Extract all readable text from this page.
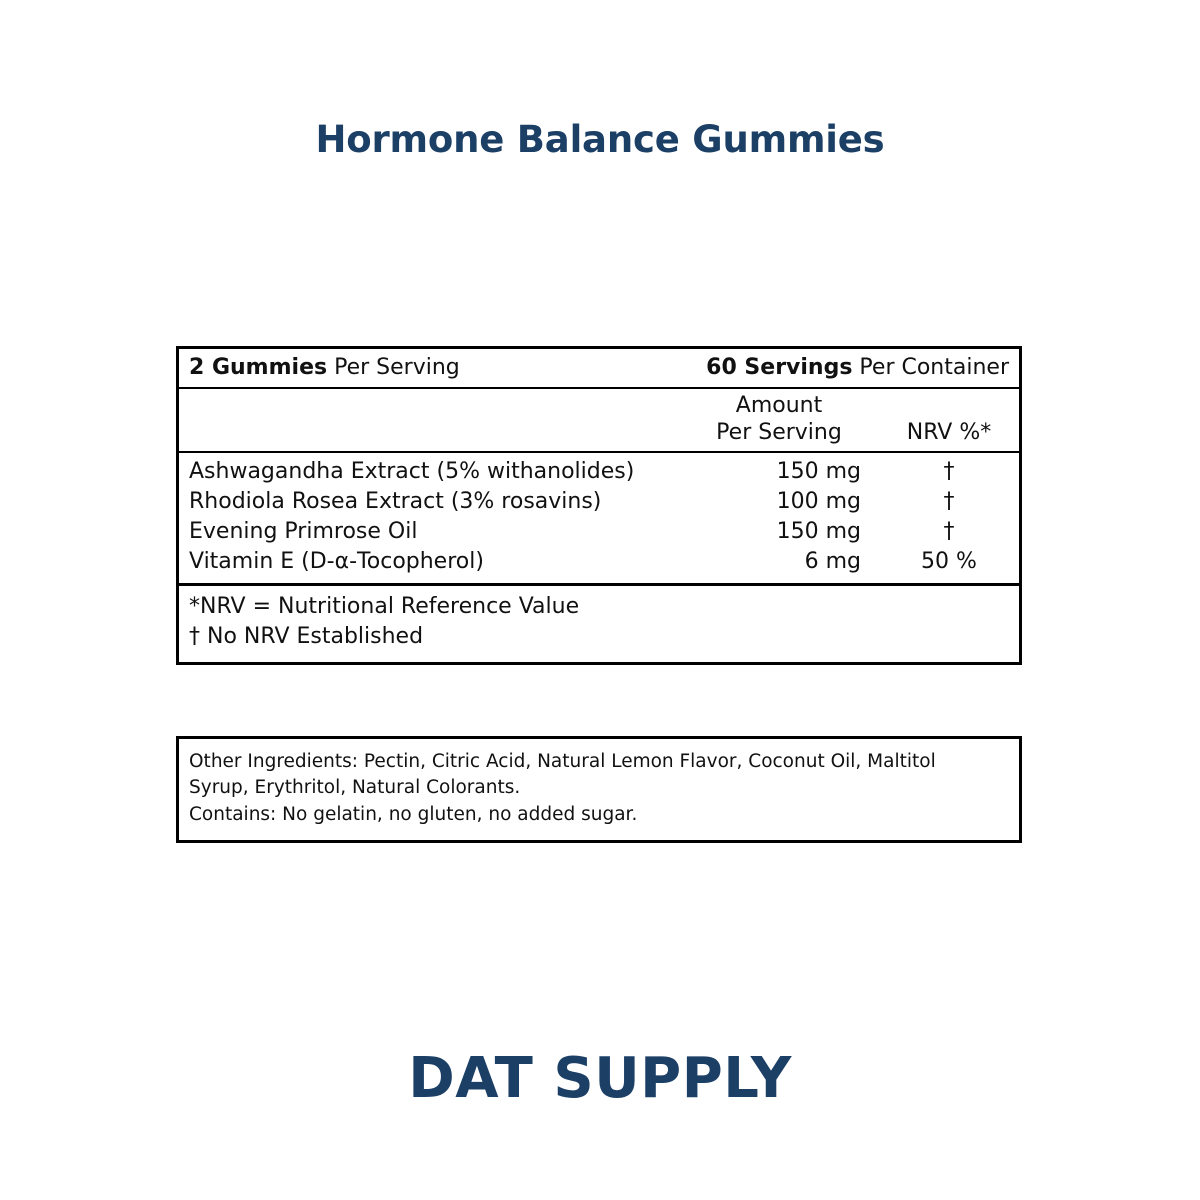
Hormone Balance Gummies
2 Gummies Per Serving	60 Servings Per Container
Amount
Per Serving	NRV %*
Ashwagandha Extract (5% withanolides)	150 mg	†
Rhodiola Rosea Extract (3% rosavins)	100 mg	†
Evening Primrose Oil	150 mg	†
Vitamin E (D-α-Tocopherol)	6 mg	50 %
*NRV = Nutritional Reference Value
† No NRV Established
Other Ingredients: Pectin, Citric Acid, Natural Lemon Flavor, Coconut Oil, Maltitol
Syrup, Erythritol, Natural Colorants.
Contains: No gelatin, no gluten, no added sugar.
DAT SUPPLY
